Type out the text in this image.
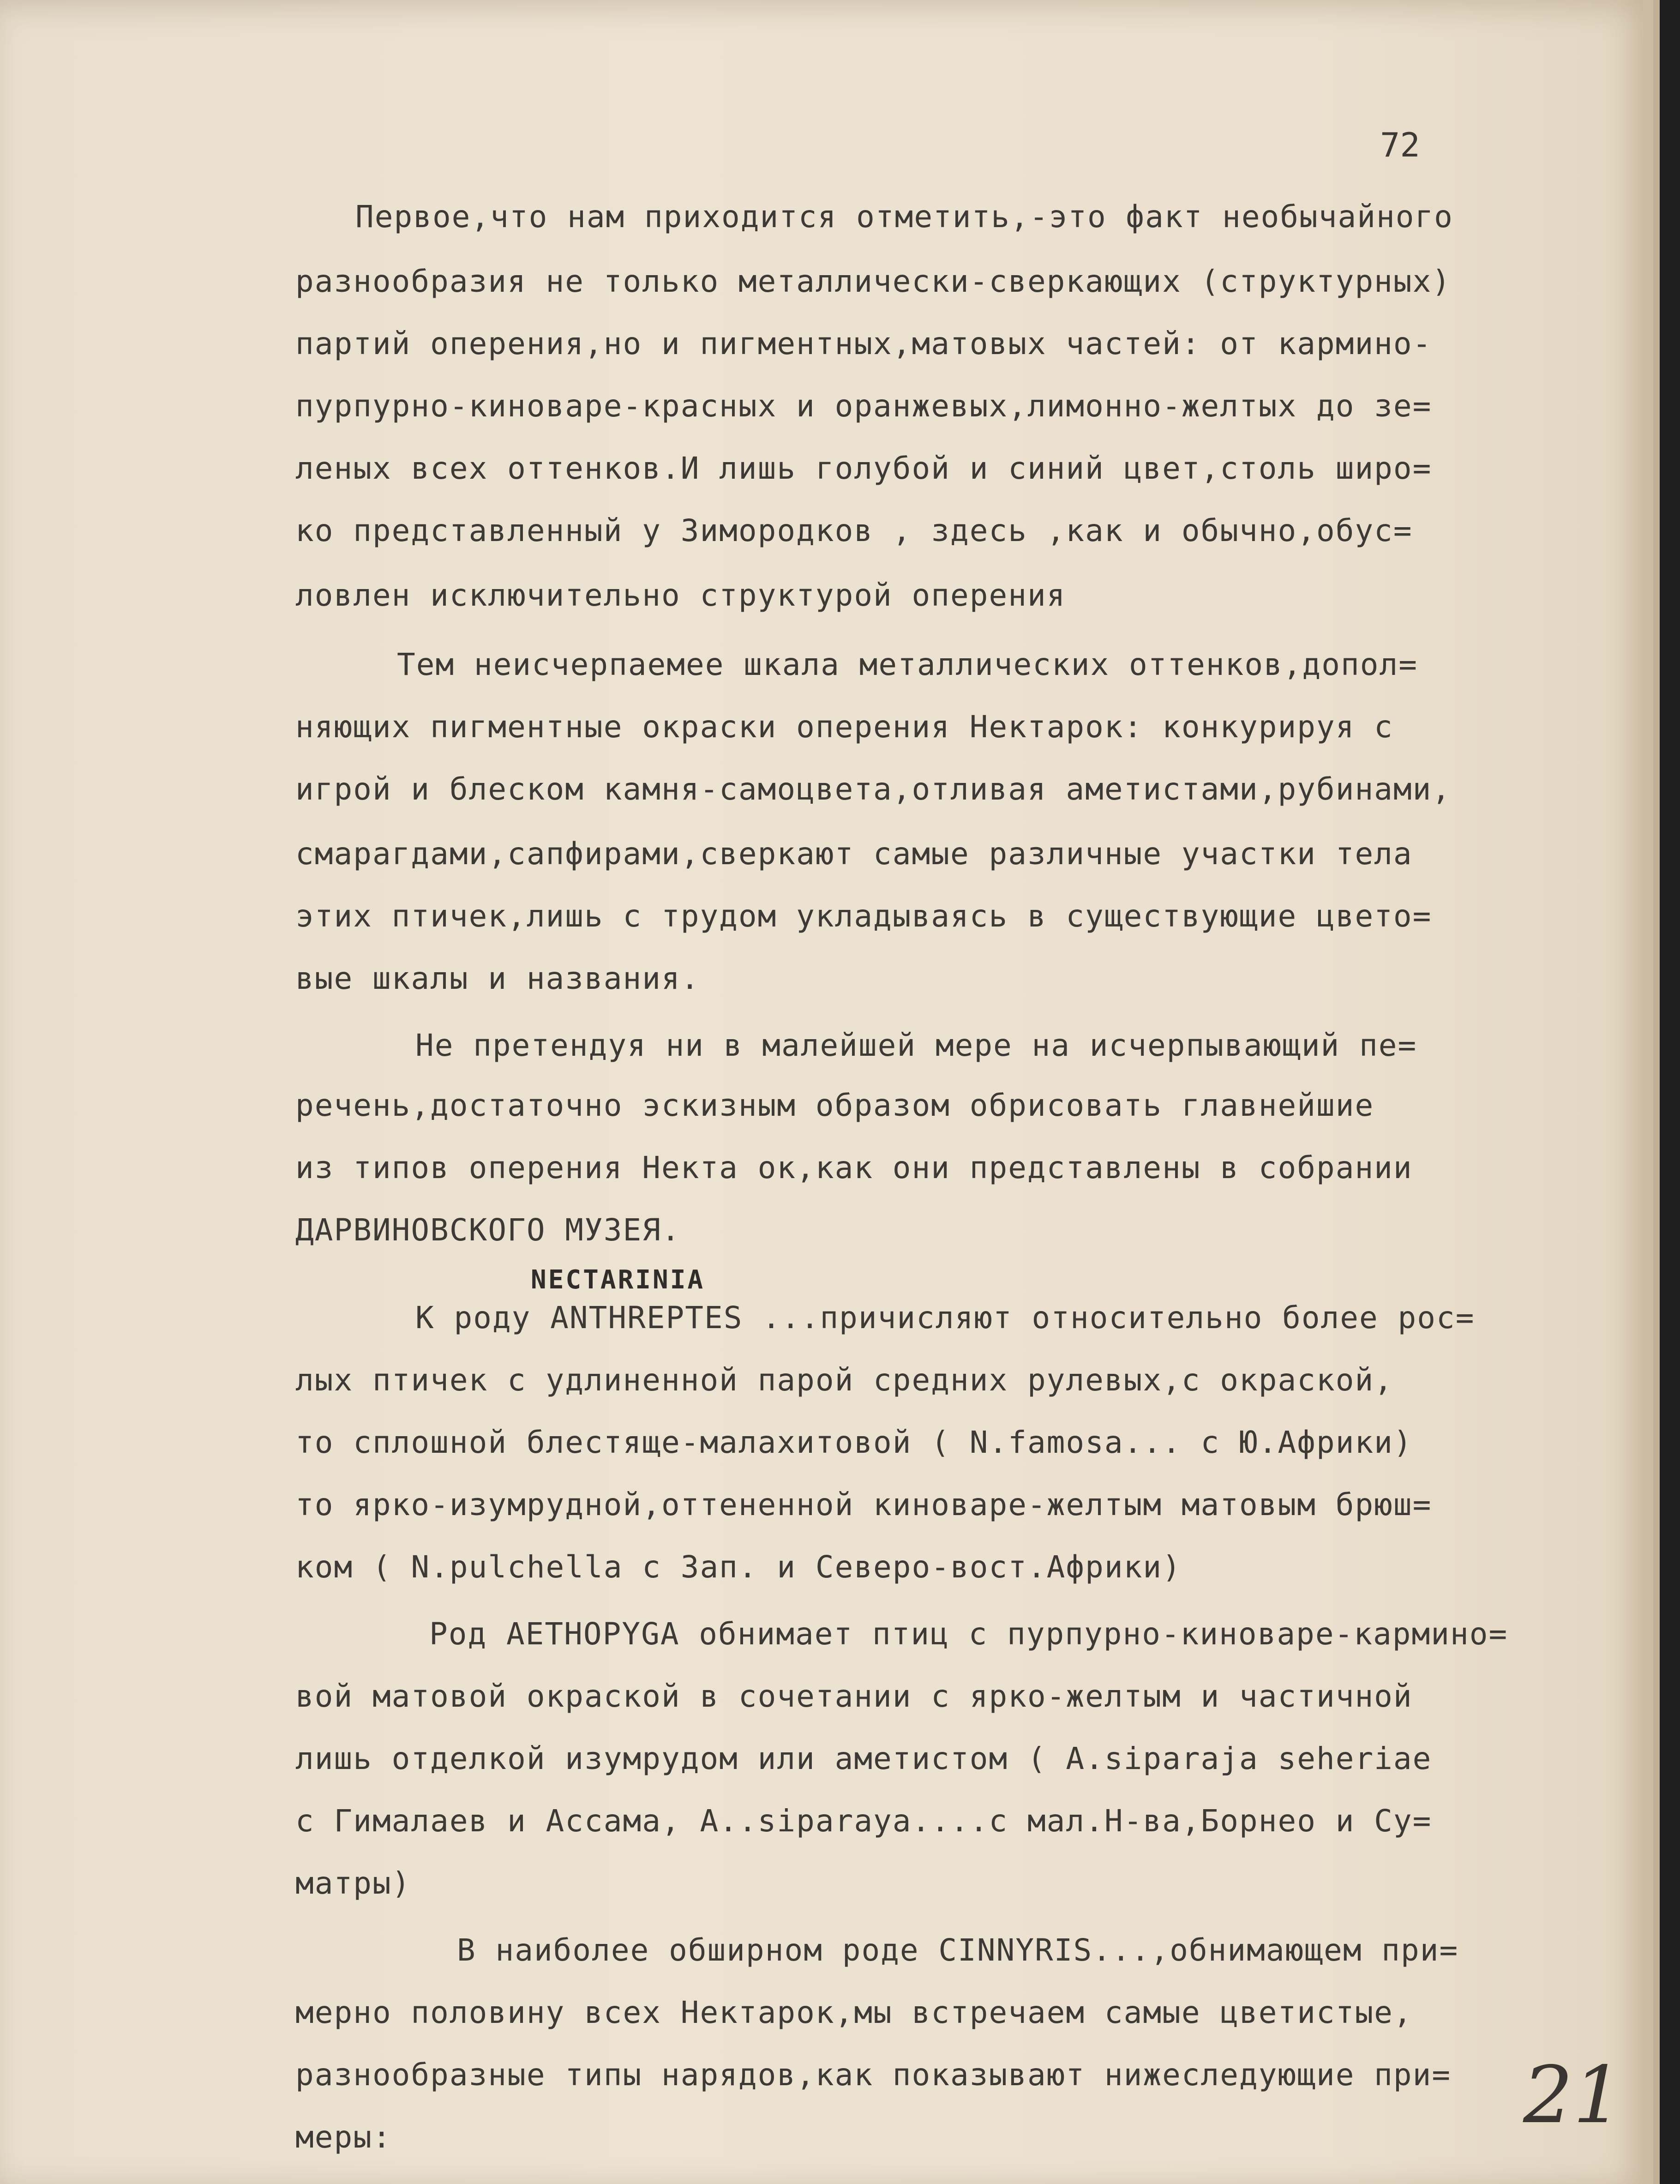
72
Первое,что нам приходится отметить,-это факт необычайного
разнообразия не только металлически-сверкающих (структурных)
партий оперения,но и пигментных,матовых частей: от кармино-
пурпурно-киноваре-красных и оранжевых,лимонно-желтых до зе=
леных всех оттенков.И лишь голубой и синий цвет,столь широ=
ко представленный у Зимородков , здесь ,как и обычно,обус=
ловлен исключительно структурой оперения
Тем неисчерпаемее шкала металлических оттенков,допол=
няющих пигментные окраски оперения Нектарок: конкурируя с
игрой и блеском камня-самоцвета,отливая аметистами,рубинами,
смарагдами,сапфирами,сверкают самые различные участки тела
этих птичек,лишь с трудом укладываясь в существующие цвето=
вые шкалы и названия.
Не претендуя ни в малейшей мере на исчерпывающий пе=
речень,достаточно эскизным образом обрисовать главнейшие
из типов оперения Некта ок,как они представлены в собрании
ДАРВИНОВСКОГО МУЗЕЯ.
NECTARINIA
К роду ANTHREPTES ...причисляют относительно более рос=
лых птичек с удлиненной парой средних рулевых,с окраской,
то сплошной блестяще-малахитовой ( N.famosa... с Ю.Африки)
то ярко-изумрудной,оттененной киноваре-желтым матовым брюш=
ком ( N.pulchella с Зап. и Северо-вост.Африки)
Род AETHOPYGA обнимает птиц с пурпурно-киноваре-кармино=
вой матовой окраской в сочетании с ярко-желтым и частичной
лишь отделкой изумрудом или аметистом ( A.siparaja seheriae
с Гималаев и Ассама, A..siparaya....с мал.Н-ва,Борнео и Су=
матры)
В наиболее обширном роде CINNYRIS...,обнимающем при=
мерно половину всех Нектарок,мы встречаем самые цветистые,
разнообразные типы нарядов,как показывают нижеследующие при=
меры:	21
